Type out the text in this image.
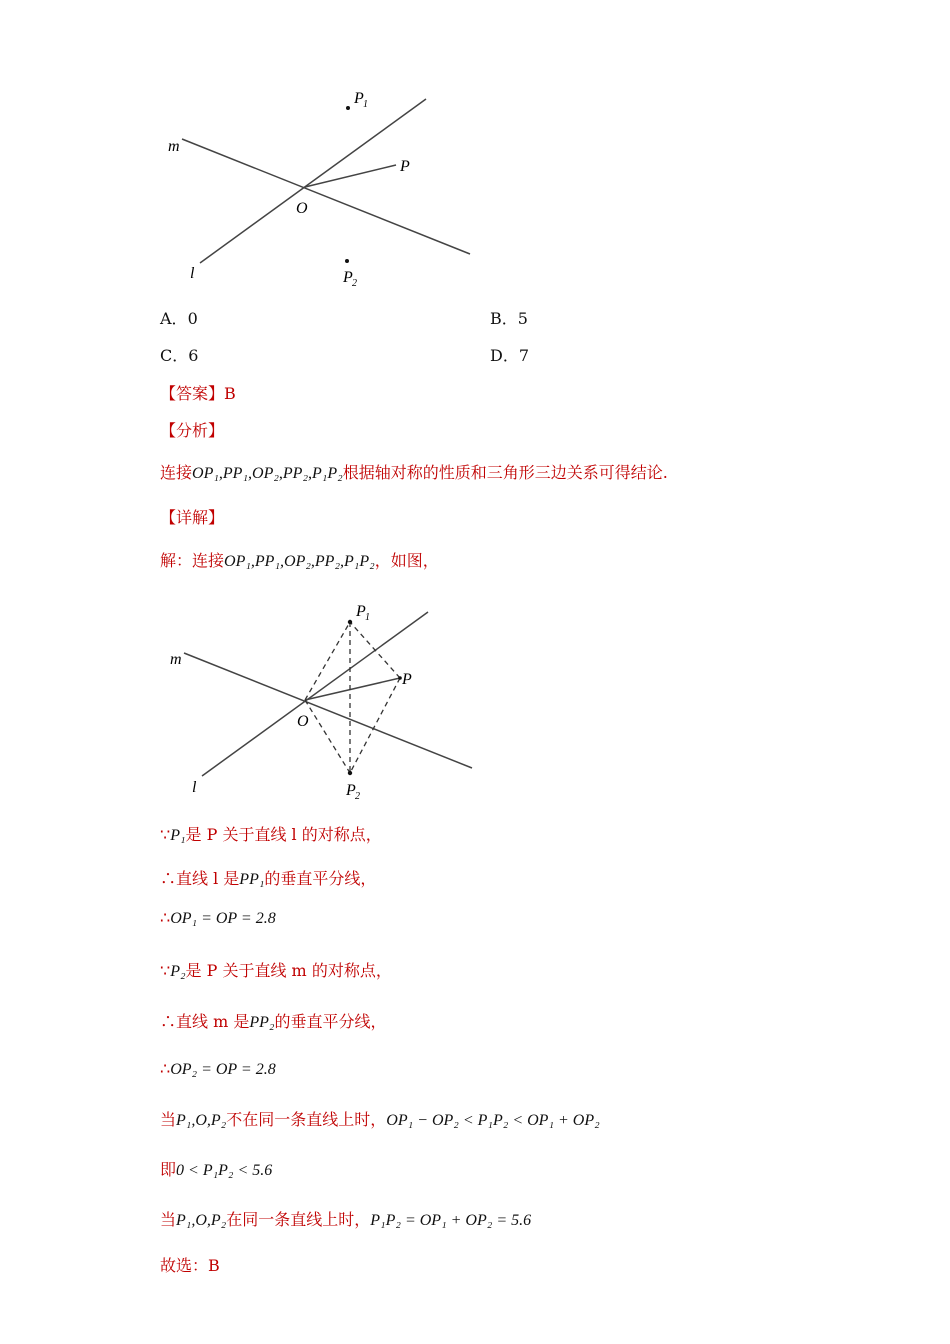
m
l
O
P
P 1
P 2
A．0	B．5
C．6	D．7
【答案】B
【分析】
连接OP₁,PP₁,OP₂,PP₂,P₁P₂根据轴对称的性质和三角形三边关系可得结论.
【详解】
解：连接OP₁,PP₁,OP₂,PP₂,P₁P₂，如图，
m
l
O
P
P 1
P 2
∵P₁是 P 关于直线 l 的对称点，
∴直线 l 是PP₁的垂直平分线，
∴OP₁ = OP = 2.8
∵P₂是 P 关于直线 m 的对称点，
∴直线 m 是PP₂的垂直平分线，
∴OP₂ = OP = 2.8
当P₁,O,P₂不在同一条直线上时，OP₁ − OP₂ < P₁P₂ < OP₁ + OP₂
即0 < P₁P₂ < 5.6
当P₁,O,P₂在同一条直线上时，P₁P₂ = OP₁ + OP₂ = 5.6
故选：B
